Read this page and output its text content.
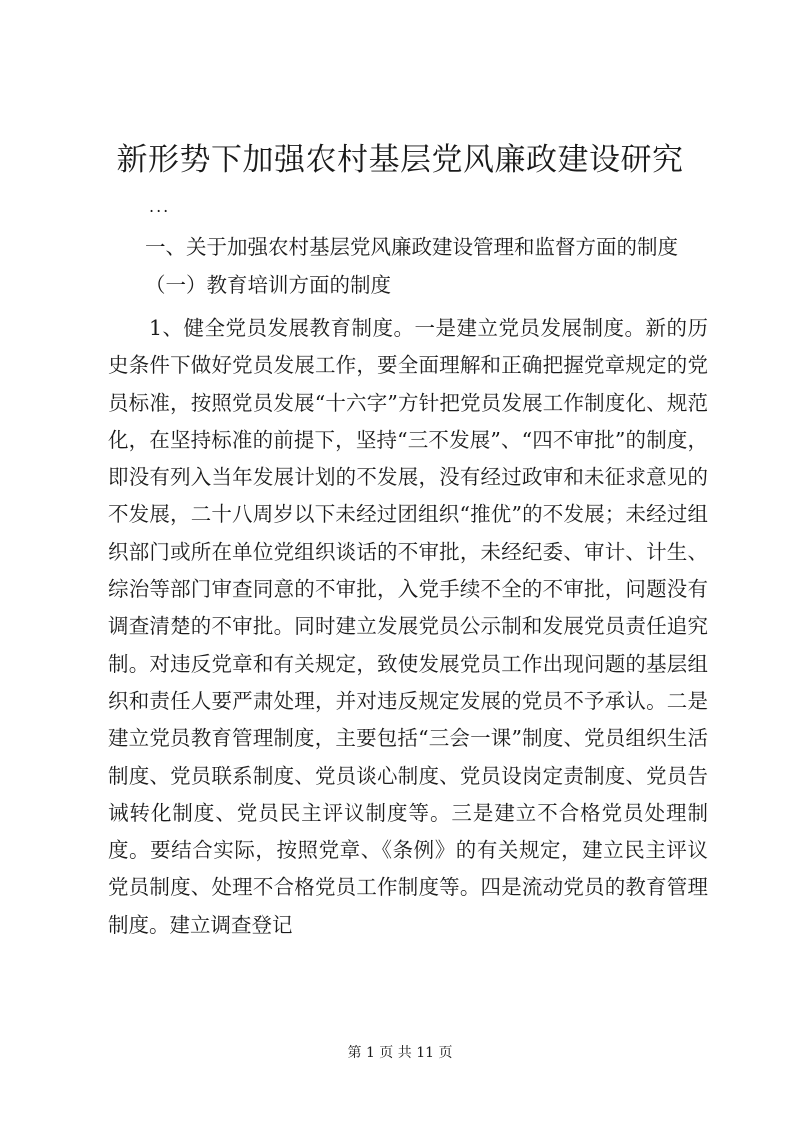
新形势下加强农村基层党风廉政建设研究
...
一、关于加强农村基层党风廉政建设管理和监督方面的制度
（一）教育培训方面的制度

1、健全党员发展教育制度。一是建立党员发展制度。新的历史条件下做好党员发展工作，要全面理解和正确把握党章规定的党员标准，按照党员发展“十六字”方针把党员发展工作制度化、规范化，在坚持标准的前提下，坚持“三不发展”、“四不审批”的制度，即没有列入当年发展计划的不发展，没有经过政审和未征求意见的不发展，二十八周岁以下未经过团组织“推优”的不发展；未经过组织部门或所在单位党组织谈话的不审批，未经纪委、审计、计生、综治等部门审查同意的不审批，入党手续不全的不审批，问题没有调查清楚的不审批。同时建立发展党员公示制和发展党员责任追究制。对违反党章和有关规定，致使发展党员工作出现问题的基层组织和责任人要严肃处理，并对违反规定发展的党员不予承认。二是建立党员教育管理制度，主要包括“三会一课”制度、党员组织生活制度、党员联系制度、党员谈心制度、党员设岗定责制度、党员告诫转化制度、党员民主评议制度等。三是建立不合格党员处理制度。要结合实际，按照党章、《条例》的有关规定，建立民主评议党员制度、处理不合格党员工作制度等。四是流动党员的教育管理制度。建立调查登记

第 1 页 共 11 页
